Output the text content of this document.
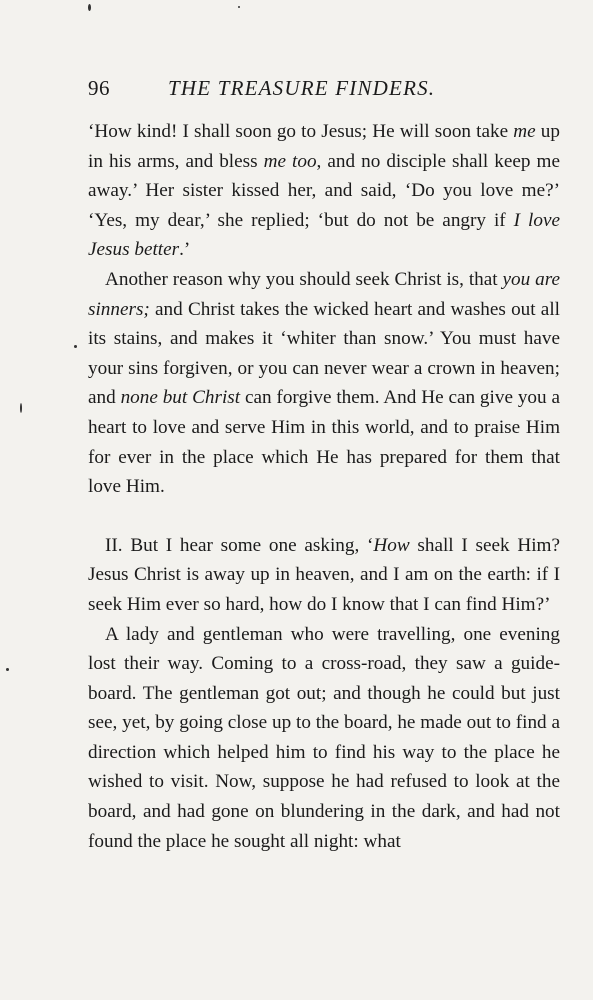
96	THE TREASURE FINDERS.

‘How kind! I shall soon go to Jesus; He will soon take me up in his arms, and bless me too, and no disciple shall keep me away.’ Her sister kissed her, and said, ‘Do you love me?’ ‘Yes, my dear,’ she replied; ‘but do not be angry if I love Jesus better.’

Another reason why you should seek Christ is, that you are sinners; and Christ takes the wicked heart and washes out all its stains, and makes it ‘whiter than snow.’ You must have your sins forgiven, or you can never wear a crown in heaven; and none but Christ can forgive them. And He can give you a heart to love and serve Him in this world, and to praise Him for ever in the place which He has prepared for them that love Him.

II. But I hear some one asking, ‘How shall I seek Him? Jesus Christ is away up in heaven, and I am on the earth: if I seek Him ever so hard, how do I know that I can find Him?’

A lady and gentleman who were travelling, one evening lost their way. Coming to a cross-road, they saw a guide-board. The gentleman got out; and though he could but just see, yet, by going close up to the board, he made out to find a direction which helped him to find his way to the place he wished to visit. Now, suppose he had refused to look at the board, and had gone on blundering in the dark, and had not found the place he sought all night: what
